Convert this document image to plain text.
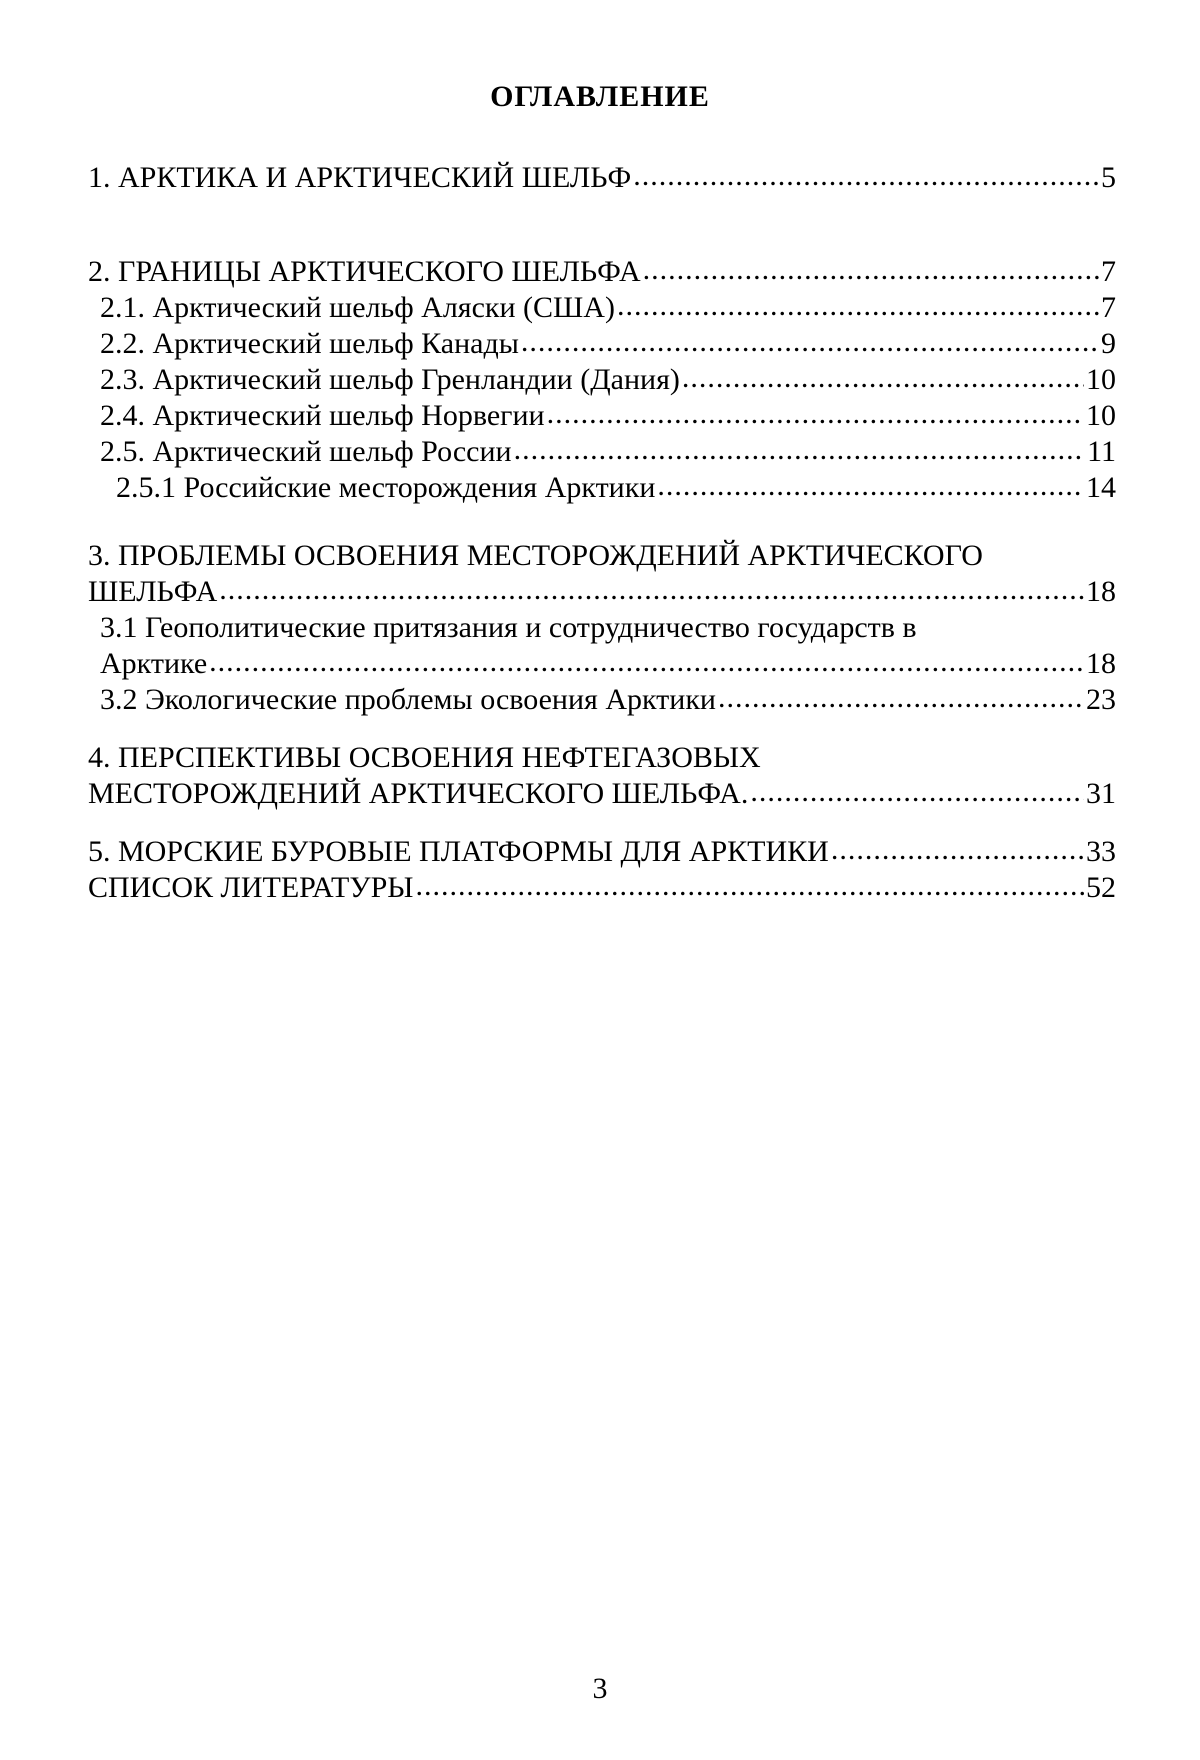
ОГЛАВЛЕНИЕ
1. АРКТИКА И АРКТИЧЕСКИЙ ШЕЛЬФ .....	5
2. ГРАНИЦЫ АРКТИЧЕСКОГО ШЕЛЬФА .....	7
2.1. Арктический шельф Аляски (США) .....	7
2.2. Арктический шельф Канады .....	9
2.3. Арктический шельф Гренландии (Дания) .....	10
2.4. Арктический шельф Норвегии .....	10
2.5. Арктический шельф России .....	11
2.5.1 Российские месторождения Арктики .....	14
3. ПРОБЛЕМЫ ОСВОЕНИЯ МЕСТОРОЖДЕНИЙ АРКТИЧЕСКОГО
ШЕЛЬФА .....	18
3.1 Геополитические притязания и сотрудничество государств в
Арктике .....	18
3.2 Экологические проблемы освоения Арктики .....	23
4. ПЕРСПЕКТИВЫ ОСВОЕНИЯ НЕФТЕГАЗОВЫХ
МЕСТОРОЖДЕНИЙ АРКТИЧЕСКОГО ШЕЛЬФА. .....	31
5. МОРСКИЕ БУРОВЫЕ ПЛАТФОРМЫ ДЛЯ АРКТИКИ .....	33
СПИСОК ЛИТЕРАТУРЫ .....	52
3
